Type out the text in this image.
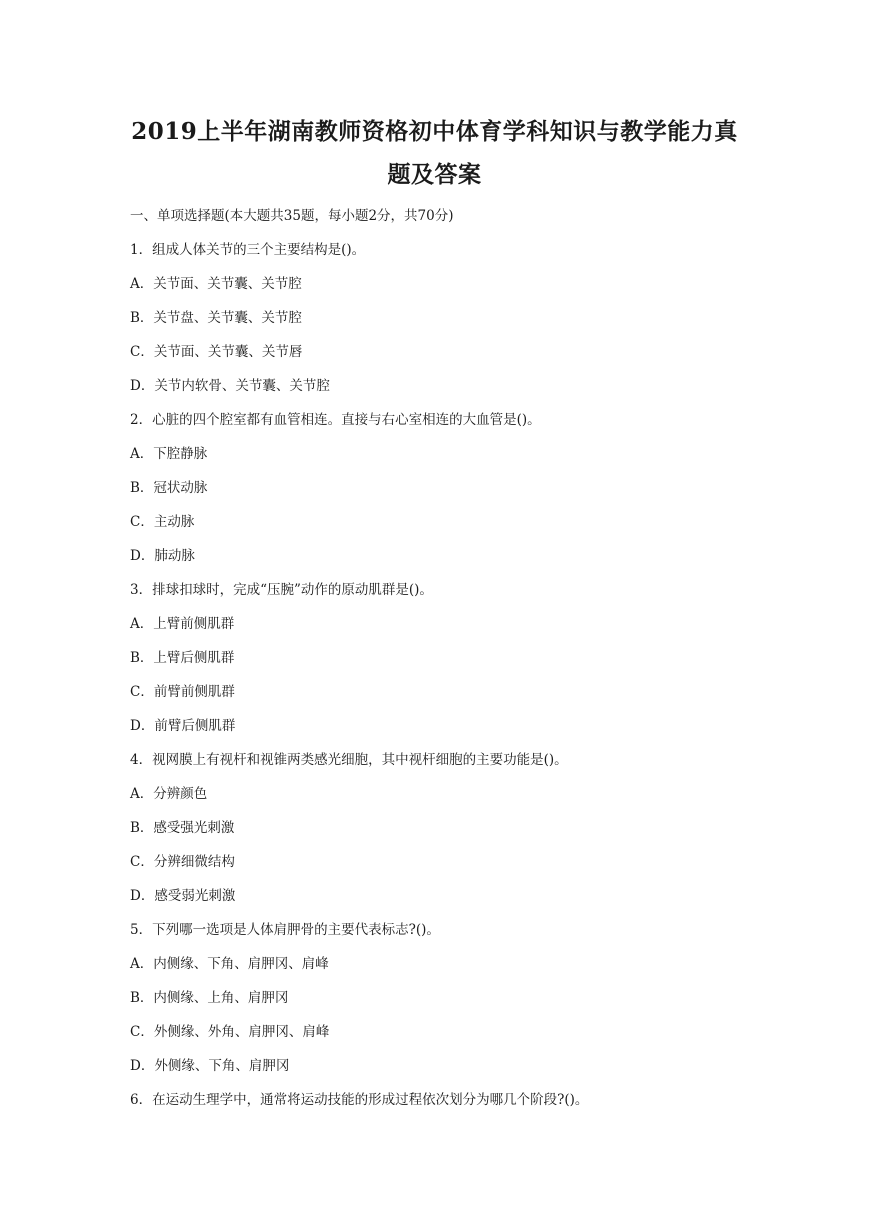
2019上半年湖南教师资格初中体育学科知识与教学能力真
题及答案
一、单项选择题(本大题共35题，每小题2分，共70分)
1．组成人体关节的三个主要结构是()。
A．关节面、关节囊、关节腔
B．关节盘、关节囊、关节腔
C．关节面、关节囊、关节唇
D．关节内软骨、关节囊、关节腔
2．心脏的四个腔室都有血管相连。直接与右心室相连的大血管是()。
A．下腔静脉
B．冠状动脉
C．主动脉
D．肺动脉
3．排球扣球时，完成“压腕”动作的原动肌群是()。
A．上臂前侧肌群
B．上臂后侧肌群
C．前臂前侧肌群
D．前臂后侧肌群
4．视网膜上有视杆和视锥两类感光细胞，其中视杆细胞的主要功能是()。
A．分辨颜色
B．感受强光刺激
C．分辨细微结构
D．感受弱光刺激
5．下列哪一选项是人体肩胛骨的主要代表标志?()。
A．内侧缘、下角、肩胛冈、肩峰
B．内侧缘、上角、肩胛冈
C．外侧缘、外角、肩胛冈、肩峰
D．外侧缘、下角、肩胛冈
6．在运动生理学中，通常将运动技能的形成过程依次划分为哪几个阶段?()。
